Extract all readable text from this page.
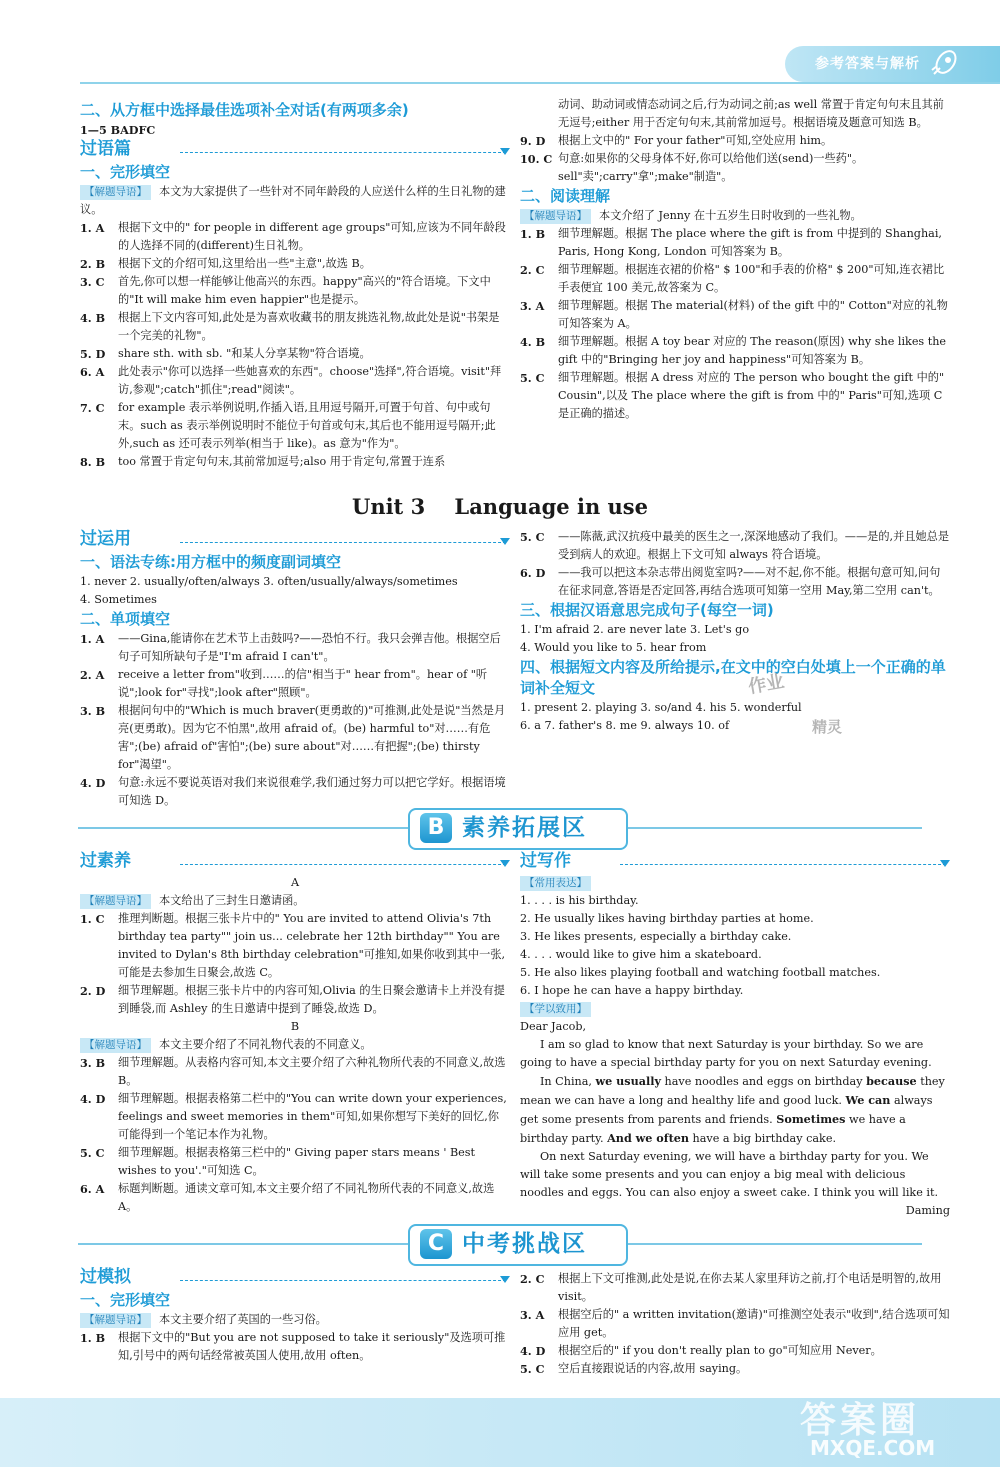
参考答案与解析
二、从方框中选择最佳选项补全对话(有两项多余)
1—5 BADFC
过语篇
一、完形填空
【解题导语】 本文为大家提供了一些针对不同年龄段的人应送什么样的生日礼物的建议。
1. A	根据下文中的" for people in different age groups"可知,应该为不同年龄段的人选择不同的(different)生日礼物。
2. B	根据下文的介绍可知,这里给出一些"主意",故选 B。
3. C	首先,你可以想一样能够让他高兴的东西。happy"高兴的"符合语境。下文中的"It will make him even happier"也是提示。
4. B	根据上下文内容可知,此处是为喜欢收藏书的朋友挑选礼物,故此处是说"书架是一个完美的礼物"。
5. D	share sth. with sb. "和某人分享某物"符合语境。
6. A	此处表示"你可以选择一些她喜欢的东西"。choose"选择",符合语境。visit"拜访,参观";catch"抓住";read"阅读"。
7. C	for example 表示举例说明,作插入语,且用逗号隔开,可置于句首、句中或句末。such as 表示举例说明时不能位于句首或句末,其后也不能用逗号隔开;此外,such as 还可表示列举(相当于 like)。as 意为"作为"。
8. B	too 常置于肯定句句末,其前常加逗号;also 用于肯定句,常置于连系
动词、助动词或情态动词之后,行为动词之前;as well 常置于肯定句句末且其前无逗号;either 用于否定句句末,其前常加逗号。根据语境及题意可知选 B。
9. D	根据上文中的" For your father"可知,空处应用 him。
10. C 句意:如果你的父母身体不好,你可以给他们送(send)一些药"。sell"卖";carry"拿";make"制造"。
二、阅读理解
【解题导语】 本文介绍了 Jenny 在十五岁生日时收到的一些礼物。
1. B	细节理解题。根据 The place where the gift is from 中提到的 Shanghai, Paris, Hong Kong, London 可知答案为 B。
2. C	细节理解题。根据连衣裙的价格" $ 100"和手表的价格" $ 200"可知,连衣裙比手表便宜 100 美元,故答案为 C。
3. A	细节理解题。根据 The material(材料) of the gift 中的" Cotton"对应的礼物可知答案为 A。
4. B	细节理解题。根据 A toy bear 对应的 The reason(原因) why she likes the gift 中的"Bringing her joy and happiness"可知答案为 B。
5. C	细节理解题。根据 A dress 对应的 The person who bought the gift 中的" Cousin",以及 The place where the gift is from 中的" Paris"可知,选项 C 是正确的描述。
Unit 3    Language in use
过运用
一、语法专练:用方框中的频度副词填空
1. never 2. usually/often/always 3. often/usually/always/sometimes
4. Sometimes
二、单项填空
1. A	——Gina,能请你在艺术节上击鼓吗?——恐怕不行。我只会弹吉他。根据空后句子可知所缺句子是"I'm afraid I can't"。
2. A	receive a letter from"收到……的信"相当于" hear from"。hear of "听说";look for"寻找";look after"照顾"。
3. B	根据问句中的"Which is much braver(更勇敢的)"可推测,此处是说"当然是月亮(更勇敢)。因为它不怕黑",故用 afraid of。(be) harmful to"对……有危害";(be) afraid of"害怕";(be) sure about"对……有把握";(be) thirsty for"渴望"。
4. D	句意:永远不要说英语对我们来说很难学,我们通过努力可以把它学好。根据语境可知选 D。
5. C	——陈薇,武汉抗疫中最美的医生之一,深深地感动了我们。——是的,并且她总是受到病人的欢迎。根据上下文可知 always 符合语境。
6. D	——我可以把这本杂志带出阅览室吗?——对不起,你不能。根据句意可知,问句在征求同意,答语是否定回答,再结合选项可知第一空用 May,第二空用 can't。
三、根据汉语意思完成句子(每空一词)
1. I'm afraid 2. are never late 3. Let's go
4. Would you like to 5. hear from
四、根据短文内容及所给提示,在文中的空白处填上一个正确的单词补全短文
1. present 2. playing 3. so/and 4. his 5. wonderful
6. a 7. father's 8. me 9. always 10. of
B 素养拓展区
过素养
A
【解题导语】 本文给出了三封生日邀请函。
1. C	推理判断题。根据三张卡片中的" You are invited to attend Olivia's 7th birthday tea party"" join us... celebrate her 12th birthday"" You are invited to Dylan's 8th birthday celebration"可推知,如果你收到其中一张,可能是去参加生日聚会,故选 C。
2. D	细节理解题。根据三张卡片中的内容可知,Olivia 的生日聚会邀请卡上并没有提到睡袋,而 Ashley 的生日邀请中提到了睡袋,故选 D。
B
【解题导语】 本文主要介绍了不同礼物代表的不同意义。
3. B	细节理解题。从表格内容可知,本文主要介绍了六种礼物所代表的不同意义,故选 B。
4. D	细节理解题。根据表格第二栏中的"You can write down your experiences, feelings and sweet memories in them"可知,如果你想写下美好的回忆,你可能得到一个笔记本作为礼物。
5. C	细节理解题。根据表格第三栏中的" Giving paper stars means ' Best wishes to you'."可知选 C。
6. A	标题判断题。通读文章可知,本文主要介绍了不同礼物所代表的不同意义,故选 A。
过写作
【常用表达】
1. . . . is his birthday.
2. He usually likes having birthday parties at home.
3. He likes presents, especially a birthday cake.
4. . . . would like to give him a skateboard.
5. He also likes playing football and watching football matches.
6. I hope he can have a happy birthday.
【学以致用】
Dear Jacob,
I am so glad to know that next Saturday is your birthday. So we are going to have a special birthday party for you on next Saturday evening.
In China, we usually have noodles and eggs on birthday because they mean we can have a long and healthy life and good luck. We can always get some presents from parents and friends. Sometimes we have a birthday party. And we often have a big birthday cake.
On next Saturday evening, we will have a birthday party for you. We will take some presents and you can enjoy a big meal with delicious noodles and eggs. You can also enjoy a sweet cake. I think you will like it.
Daming
C 中考挑战区
过模拟
一、完形填空
【解题导语】 本文主要介绍了英国的一些习俗。
1. B	根据下文中的"But you are not supposed to take it seriously"及选项可推知,引号中的两句话经常被英国人使用,故用 often。
2. C	根据上下文可推测,此处是说,在你去某人家里拜访之前,打个电话是明智的,故用 visit。
3. A	根据空后的" a written invitation(邀请)"可推测空处表示"收到",结合选项可知应用 get。
4. D	根据空后的" if you don't really plan to go"可知应用 Never。
5. C	空后直接跟说话的内容,故用 saying。
作业
精灵
答案圈
MXQE.COM
